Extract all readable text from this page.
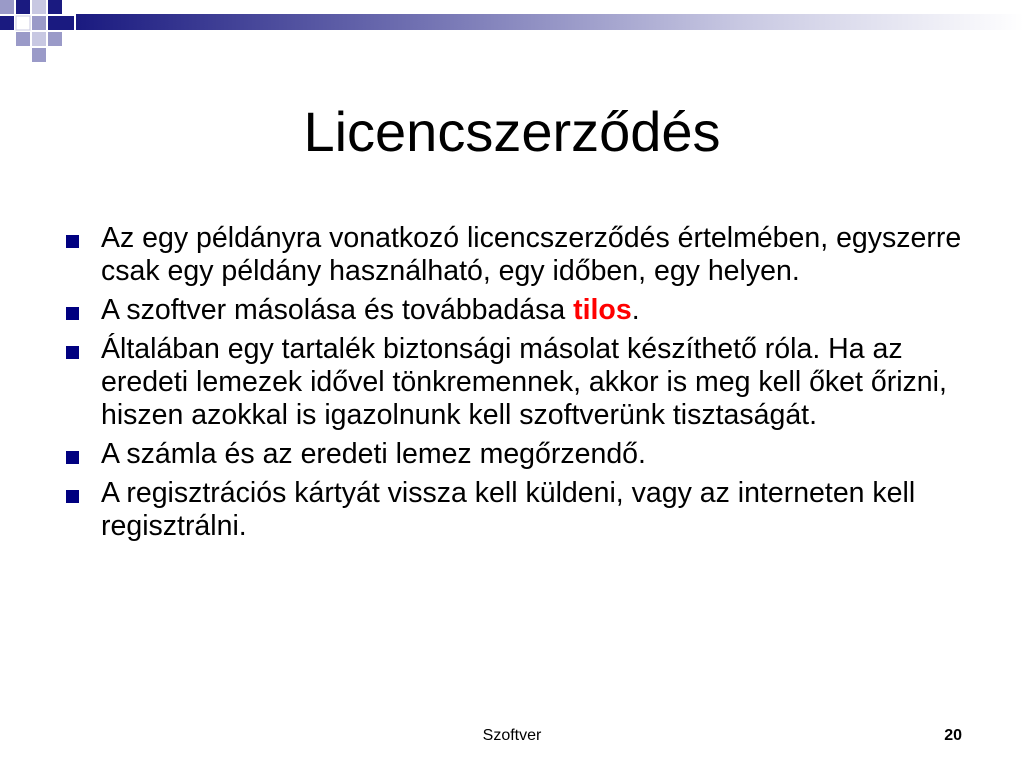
Licencszerződés
Az egy példányra vonatkozó licencszerződés értelmében, egyszerre csak egy példány használható, egy időben, egy helyen.
A szoftver másolása és továbbadása tilos.
Általában egy tartalék biztonsági másolat készíthető róla. Ha az eredeti lemezek idővel tönkremennek, akkor is meg kell őket őrizni, hiszen azokkal is igazolnunk kell szoftverünk tisztaságát.
A számla és az eredeti lemez megőrzendő.
A regisztrációs kártyát vissza kell küldeni, vagy az interneten kell regisztrálni.
Szoftver	20
